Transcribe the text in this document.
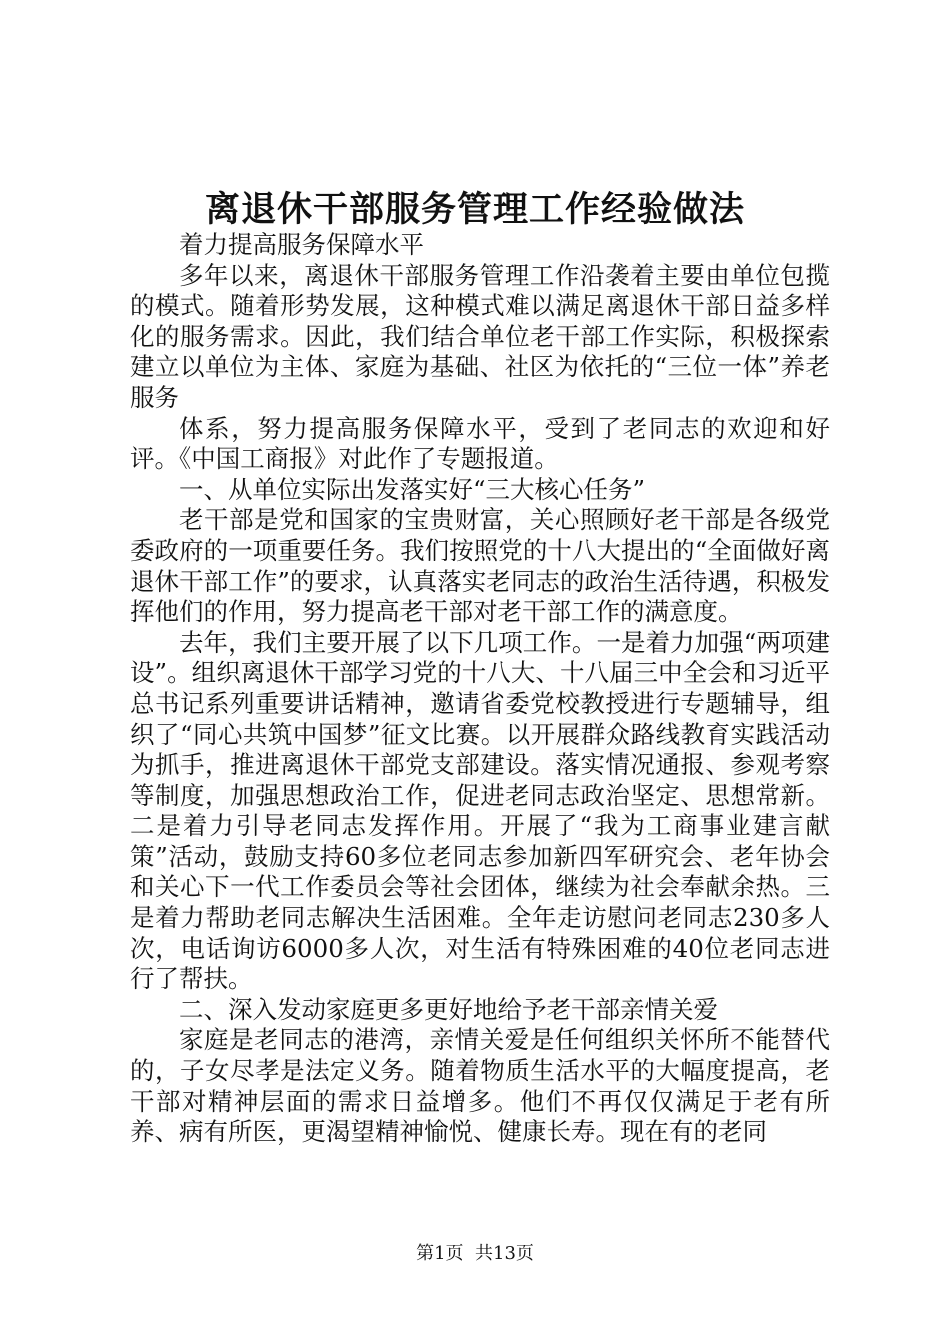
离退休干部服务管理工作经验做法

着力提高服务保障水平

多年以来，离退休干部服务管理工作沿袭着主要由单位包揽的模式。随着形势发展，这种模式难以满足离退休干部日益多样化的服务需求。因此，我们结合单位老干部工作实际，积极探索建立以单位为主体、家庭为基础、社区为依托的“三位一体”养老服务

体系，努力提高服务保障水平，受到了老同志的欢迎和好评。《中国工商报》对此作了专题报道。

一、从单位实际出发落实好“三大核心任务”

老干部是党和国家的宝贵财富，关心照顾好老干部是各级党委政府的一项重要任务。我们按照党的十八大提出的“全面做好离退休干部工作”的要求，认真落实老同志的政治生活待遇，积极发挥他们的作用，努力提高老干部对老干部工作的满意度。

去年，我们主要开展了以下几项工作。一是着力加强“两项建设”。组织离退休干部学习党的十八大、十八届三中全会和习近平总书记系列重要讲话精神，邀请省委党校教授进行专题辅导，组织了“同心共筑中国梦”征文比赛。以开展群众路线教育实践活动为抓手，推进离退休干部党支部建设。落实情况通报、参观考察等制度，加强思想政治工作，促进老同志政治坚定、思想常新。二是着力引导老同志发挥作用。开展了“我为工商事业建言献策”活动，鼓励支持60多位老同志参加新四军研究会、老年协会和关心下一代工作委员会等社会团体，继续为社会奉献余热。三是着力帮助老同志解决生活困难。全年走访慰问老同志230多人次，电话询访6000多人次，对生活有特殊困难的40位老同志进行了帮扶。

二、深入发动家庭更多更好地给予老干部亲情关爱

家庭是老同志的港湾，亲情关爱是任何组织关怀所不能替代的，子女尽孝是法定义务。随着物质生活水平的大幅度提高，老干部对精神层面的需求日益增多。他们不再仅仅满足于老有所养、病有所医，更渴望精神愉悦、健康长寿。现在有的老同

第1页  共13页
